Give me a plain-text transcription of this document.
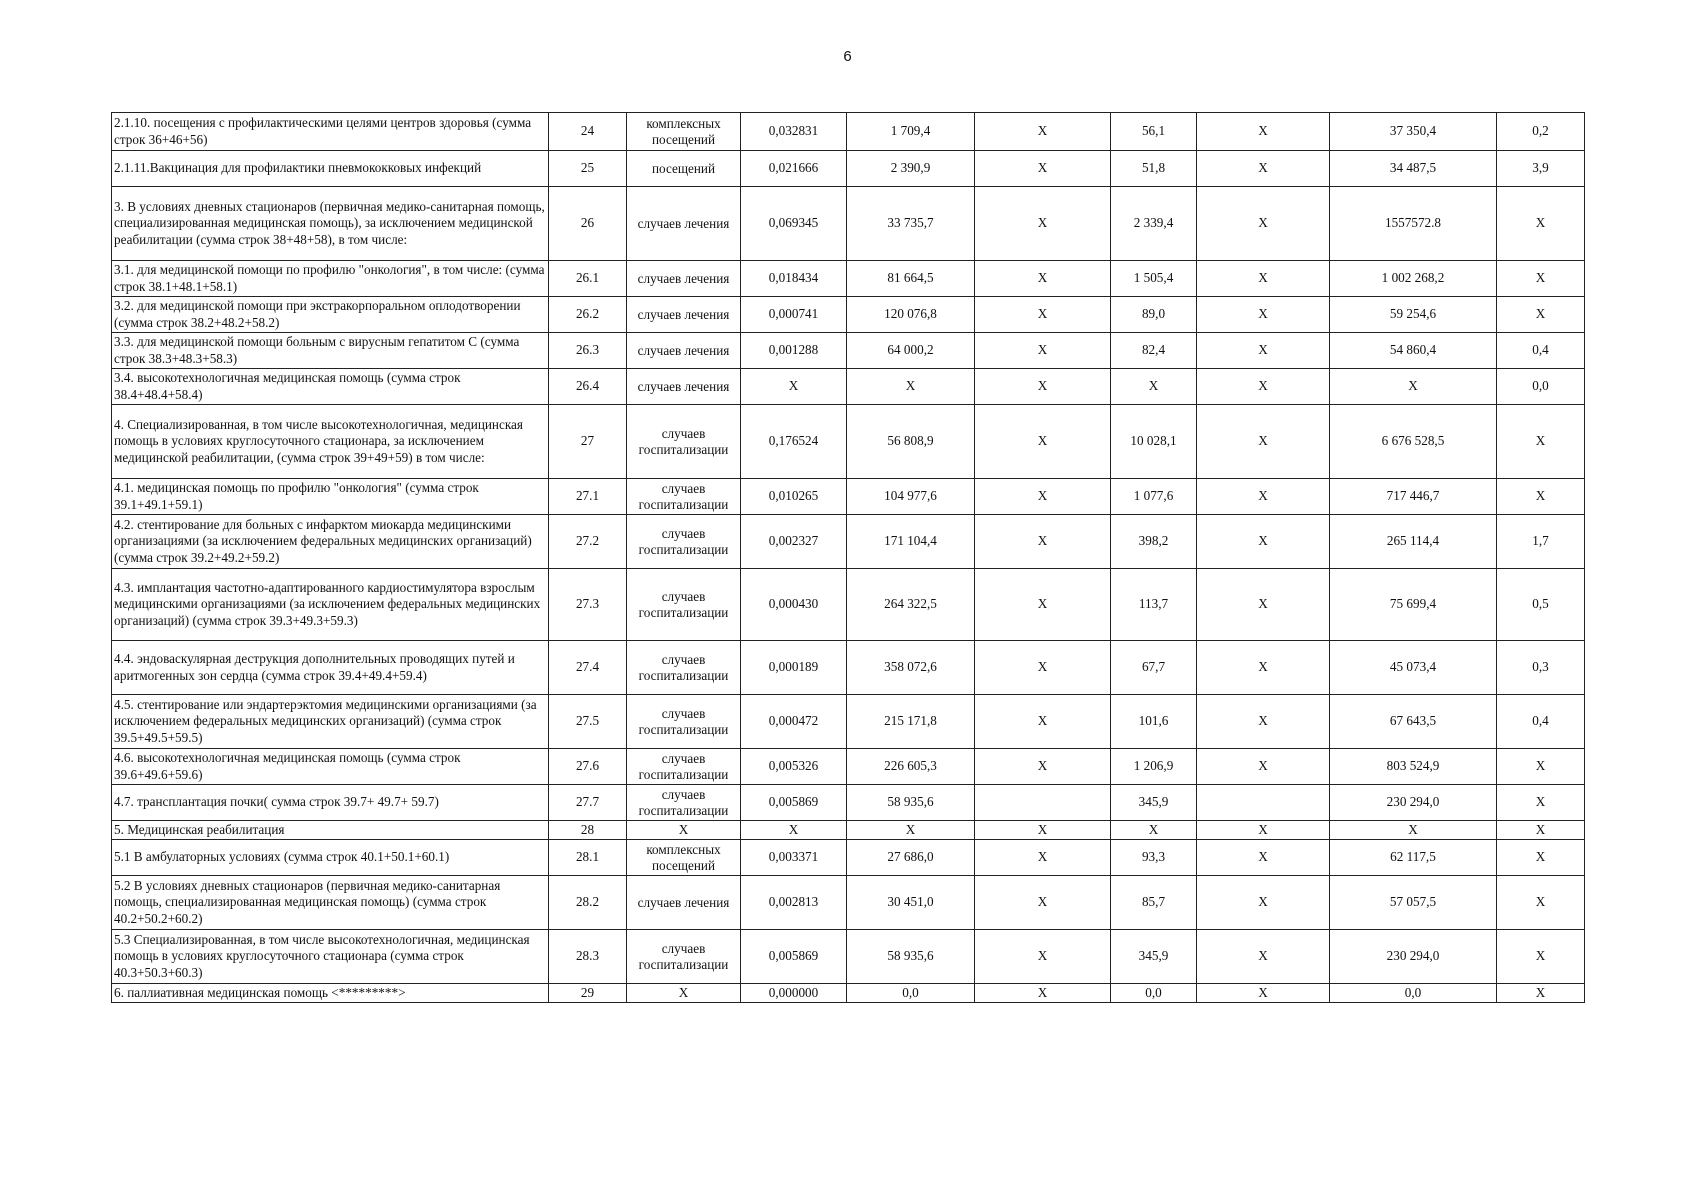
6
2.1.10. посещения с профилактическими целями центров здоровья (сумма строк 36+46+56)	24	комплексных посещений	0,032831	1 709,4	Х	56,1	Х	37 350,4	0,2
2.1.11.Вакцинация для профилактики пневмококковых инфекций	25	посещений	0,021666	2 390,9	Х	51,8	Х	34 487,5	3,9
3. В условиях дневных стационаров (первичная медико-санитарная помощь, специализированная медицинская помощь), за исключением медицинской реабилитации (сумма строк 38+48+58), в том числе:	26	случаев лечения	0,069345	33 735,7	Х	2 339,4	Х	1557572.8	Х
3.1. для медицинской помощи по профилю "онкология", в том числе: (сумма строк 38.1+48.1+58.1)	26.1	случаев лечения	0,018434	81 664,5	Х	1 505,4	Х	1 002 268,2	Х
3.2. для медицинской помощи при экстракорпоральном оплодотворении (сумма строк 38.2+48.2+58.2)	26.2	случаев лечения	0,000741	120 076,8	Х	89,0	Х	59 254,6	Х
3.3. для медицинской помощи больным с вирусным гепатитом С (сумма строк 38.3+48.3+58.3)	26.3	случаев лечения	0,001288	64 000,2	Х	82,4	Х	54 860,4	0,4
3.4. высокотехнологичная медицинская помощь (сумма строк 38.4+48.4+58.4)	26.4	случаев лечения	Х	Х	Х	Х	Х	Х	0,0
4. Специализированная, в том числе высокотехнологичная, медицинская помощь в условиях круглосуточного стационара, за исключением медицинской реабилитации, (сумма строк 39+49+59) в том числе:	27	случаев госпитализации	0,176524	56 808,9	Х	10 028,1	Х	6 676 528,5	Х
4.1. медицинская помощь по профилю "онкология" (сумма строк 39.1+49.1+59.1)	27.1	случаев госпитализации	0,010265	104 977,6	Х	1 077,6	Х	717 446,7	Х
4.2. стентирование для больных с инфарктом миокарда медицинскими организациями (за исключением федеральных медицинских организаций) (сумма строк 39.2+49.2+59.2)	27.2	случаев госпитализации	0,002327	171 104,4	Х	398,2	Х	265 114,4	1,7
4.3. имплантация частотно-адаптированного кардиостимулятора взрослым медицинскими организациями (за исключением федеральных медицинских организаций) (сумма строк 39.3+49.3+59.3)	27.3	случаев госпитализации	0,000430	264 322,5	Х	113,7	Х	75 699,4	0,5
4.4. эндоваскулярная деструкция дополнительных проводящих путей и аритмогенных зон сердца (сумма строк 39.4+49.4+59.4)	27.4	случаев госпитализации	0,000189	358 072,6	Х	67,7	Х	45 073,4	0,3
4.5. стентирование или эндартерэктомия медицинскими организациями (за исключением федеральных медицинских организаций) (сумма строк 39.5+49.5+59.5)	27.5	случаев госпитализации	0,000472	215 171,8	Х	101,6	Х	67 643,5	0,4
4.6. высокотехнологичная медицинская помощь (сумма строк 39.6+49.6+59.6)	27.6	случаев госпитализации	0,005326	226 605,3	Х	1 206,9	Х	803 524,9	Х
4.7. трансплантация почки( сумма строк 39.7+ 49.7+ 59.7)	27.7	случаев госпитализации	0,005869	58 935,6		345,9		230 294,0	Х
5. Медицинская реабилитация	28	Х	Х	Х	Х	Х	Х	Х	Х
5.1 В амбулаторных условиях (сумма строк 40.1+50.1+60.1)	28.1	комплексных посещений	0,003371	27 686,0	Х	93,3	Х	62 117,5	Х
5.2 В условиях дневных стационаров (первичная медико-санитарная помощь, специализированная медицинская помощь) (сумма строк 40.2+50.2+60.2)	28.2	случаев лечения	0,002813	30 451,0	Х	85,7	Х	57 057,5	Х
5.3 Специализированная, в том числе высокотехнологичная, медицинская помощь в условиях круглосуточного стационара (сумма строк 40.3+50.3+60.3)	28.3	случаев госпитализации	0,005869	58 935,6	Х	345,9	Х	230 294,0	Х
6. паллиативная медицинская помощь <*********>	29	Х	0,000000	0,0	Х	0,0	Х	0,0	Х
